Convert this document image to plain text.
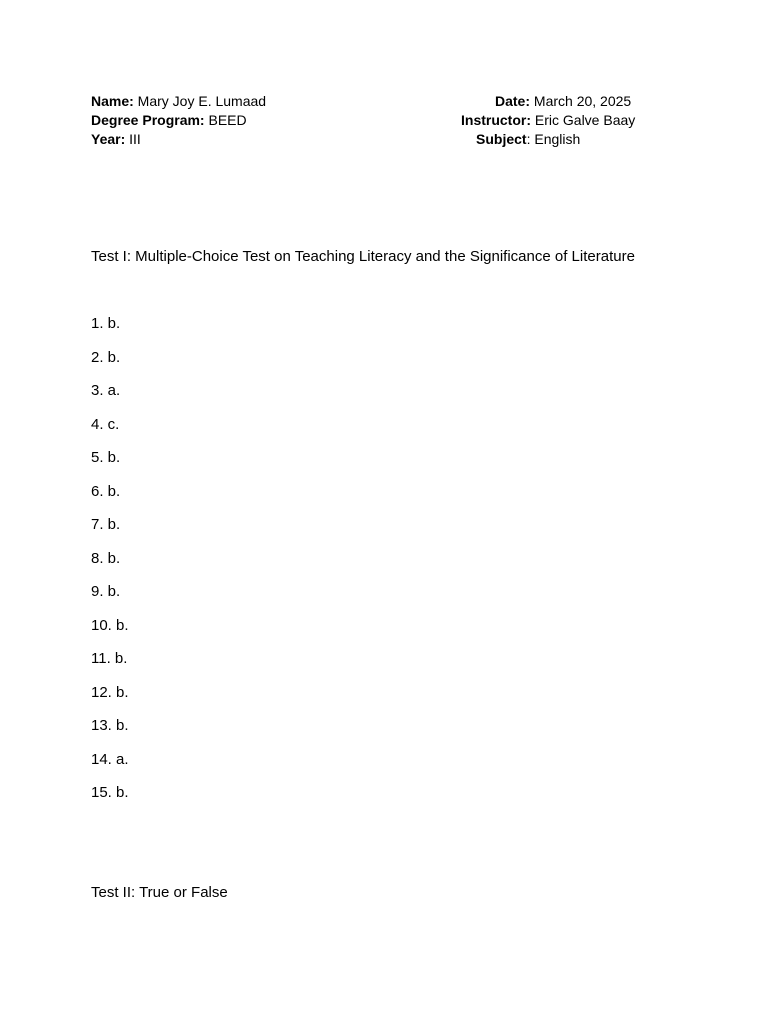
Name: Mary Joy E. Lumaad	Date: March 20, 2025
Degree Program: BEED	Instructor: Eric Galve Baay
Year: III	Subject: English
Test I: Multiple-Choice Test on Teaching Literacy and the Significance of Literature
1. b.
2. b.
3. a.
4. c.
5. b.
6. b.
7. b.
8. b.
9. b.
10. b.
11. b.
12. b.
13. b.
14. a.
15. b.
Test II: True or False
